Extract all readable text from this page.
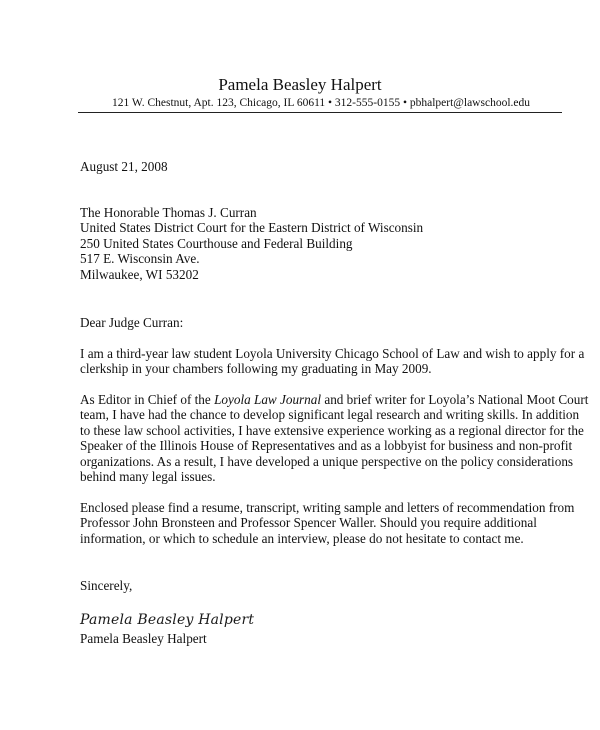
Pamela Beasley Halpert
121 W. Chestnut, Apt. 123, Chicago, IL 60611 • 312-555-0155 • pbhalpert@lawschool.edu
August 21, 2008
The Honorable Thomas J. Curran
United States District Court for the Eastern District of Wisconsin
250 United States Courthouse and Federal Building
517 E. Wisconsin Ave.
Milwaukee, WI 53202
Dear Judge Curran:
I am a third-year law student Loyola University Chicago School of Law and wish to apply for a
clerkship in your chambers following my graduating in May 2009.
As Editor in Chief of the Loyola Law Journal and brief writer for Loyola’s National Moot Court
team, I have had the chance to develop significant legal research and writing skills. In addition
to these law school activities, I have extensive experience working as a regional director for the
Speaker of the Illinois House of Representatives and as a lobbyist for business and non-profit
organizations. As a result, I have developed a unique perspective on the policy considerations
behind many legal issues.
Enclosed please find a resume, transcript, writing sample and letters of recommendation from
Professor John Bronsteen and Professor Spencer Waller. Should you require additional
information, or which to schedule an interview, please do not hesitate to contact me.
Sincerely,
Pamela Beasley Halpert
Pamela Beasley Halpert
